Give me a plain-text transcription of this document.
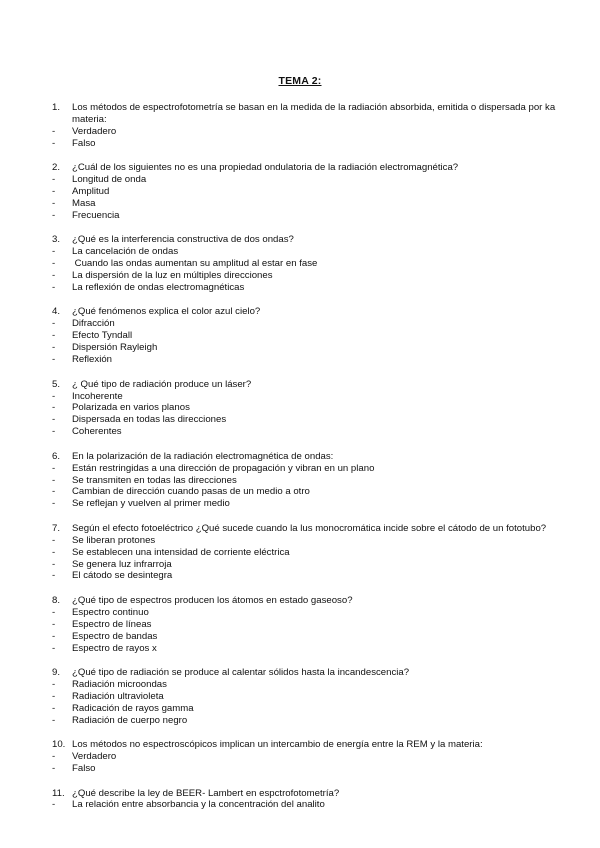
TEMA 2:
1.	Los métodos de espectrofotometría se basan en la medida de la radiación absorbida, emitida o dispersada por ka materia:
-	Verdadero
-	Falso
2.	¿Cuál de los siguientes no es una propiedad ondulatoria de la radiación electromagnética?
-	Longitud de onda
-	Amplitud
-	Masa
-	Frecuencia
3.	¿Qué es la interferencia constructiva de dos ondas?
-	La cancelación de ondas
-	Cuando las ondas aumentan su amplitud al estar en fase
-	La dispersión de la luz en múltiples direcciones
-	La reflexión de ondas electromagnéticas
4.	¿Qué fenómenos explica el color azul cielo?
-	Difracción
-	Efecto Tyndall
-	Dispersión Rayleigh
-	Reflexión
5.	¿ Qué tipo de radiación produce un láser?
-	Incoherente
-	Polarizada en varios planos
-	Dispersada en todas las direcciones
-	Coherentes
6.	En la polarización de la radiación electromagnética de ondas:
-	Están restringidas a una dirección de propagación y vibran en un plano
-	Se transmiten en todas las direcciones
-	Cambian de dirección cuando pasas de un medio a otro
-	Se reflejan y vuelven al primer medio
7.	Según el efecto fotoeléctrico ¿Qué sucede cuando la lus monocromática incide sobre el cátodo de un fototubo?
-	Se liberan protones
-	Se establecen una intensidad de corriente eléctrica
-	Se genera luz infrarroja
-	El cátodo se desintegra
8.	¿Qué tipo de espectros producen los átomos en estado gaseoso?
-	Espectro continuo
-	Espectro de líneas
-	Espectro de bandas
-	Espectro de rayos x
9.	¿Qué tipo de radiación se produce al calentar sólidos hasta la incandescencia?
-	Radiación microondas
-	Radiación ultravioleta
-	Radicación de rayos gamma
-	Radiación de cuerpo negro
10. Los métodos no espectroscópicos implican un intercambio de energía entre la REM y la materia:
-	Verdadero
-	Falso
11. ¿Qué describe la ley de BEER- Lambert en espctrofotometría?
-	La relación entre absorbancia y la concentración del analito
